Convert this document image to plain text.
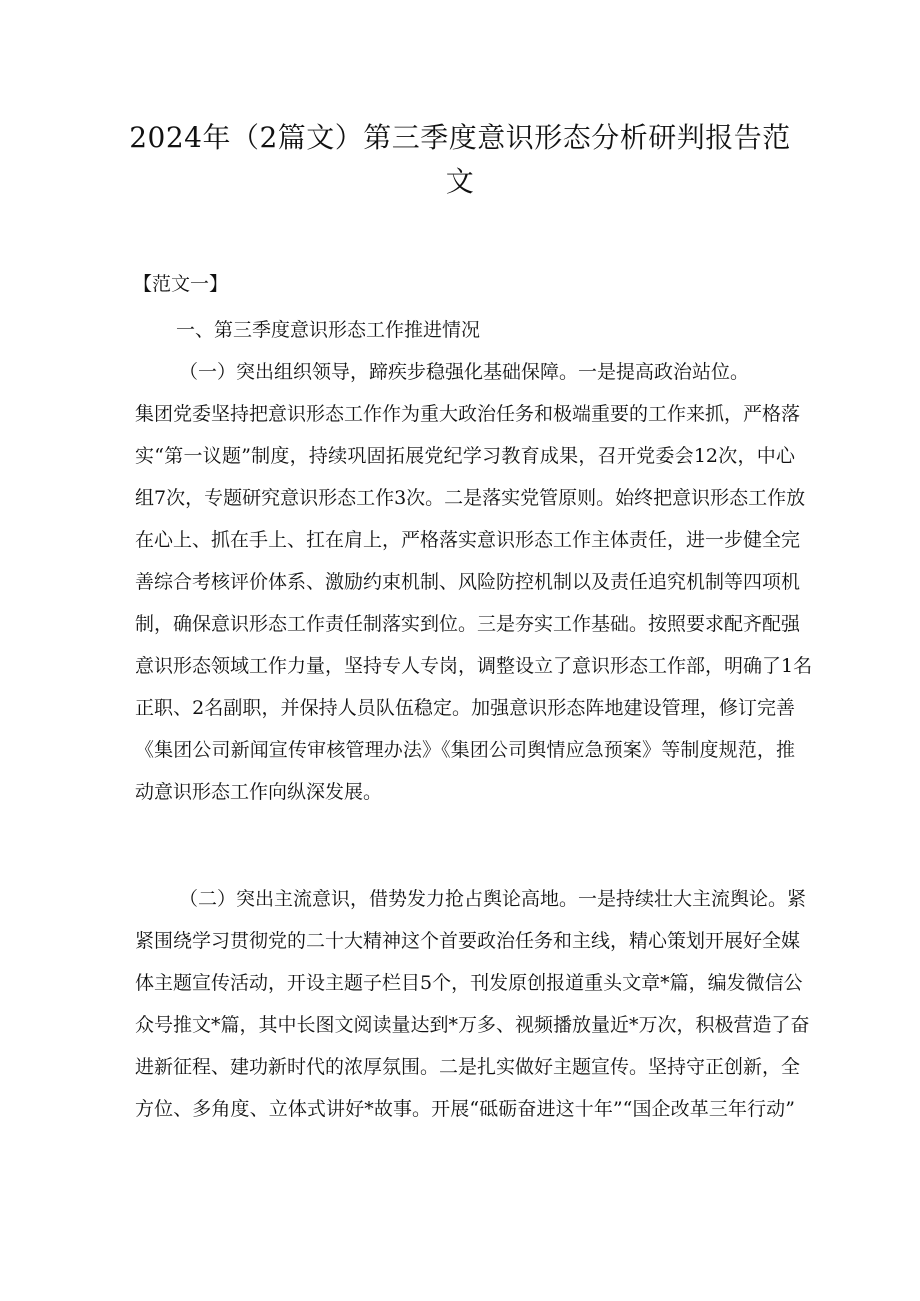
2024年（2篇文）第三季度意识形态分析研判报告范
文
【范文一】
一、第三季度意识形态工作推进情况
（一）突出组织领导，蹄疾步稳强化基础保障。一是提高政治站位。
集团党委坚持把意识形态工作作为重大政治任务和极端重要的工作来抓，严格落
实“第一议题”制度，持续巩固拓展党纪学习教育成果，召开党委会12次，中心
组7次，专题研究意识形态工作3次。二是落实党管原则。始终把意识形态工作放
在心上、抓在手上、扛在肩上，严格落实意识形态工作主体责任，进一步健全完
善综合考核评价体系、激励约束机制、风险防控机制以及责任追究机制等四项机
制，确保意识形态工作责任制落实到位。三是夯实工作基础。按照要求配齐配强
意识形态领域工作力量，坚持专人专岗，调整设立了意识形态工作部，明确了1名
正职、2名副职，并保持人员队伍稳定。加强意识形态阵地建设管理，修订完善
《集团公司新闻宣传审核管理办法》《集团公司舆情应急预案》等制度规范，推
动意识形态工作向纵深发展。
（二）突出主流意识，借势发力抢占舆论高地。一是持续壮大主流舆论。紧
紧围绕学习贯彻党的二十大精神这个首要政治任务和主线，精心策划开展好全媒
体主题宣传活动，开设主题子栏目5个，刊发原创报道重头文章*篇，编发微信公
众号推文*篇，其中长图文阅读量达到*万多、视频播放量近*万次，积极营造了奋
进新征程、建功新时代的浓厚氛围。二是扎实做好主题宣传。坚持守正创新，全
方位、多角度、立体式讲好*故事。开展“砥砺奋进这十年”“国企改革三年行动”
